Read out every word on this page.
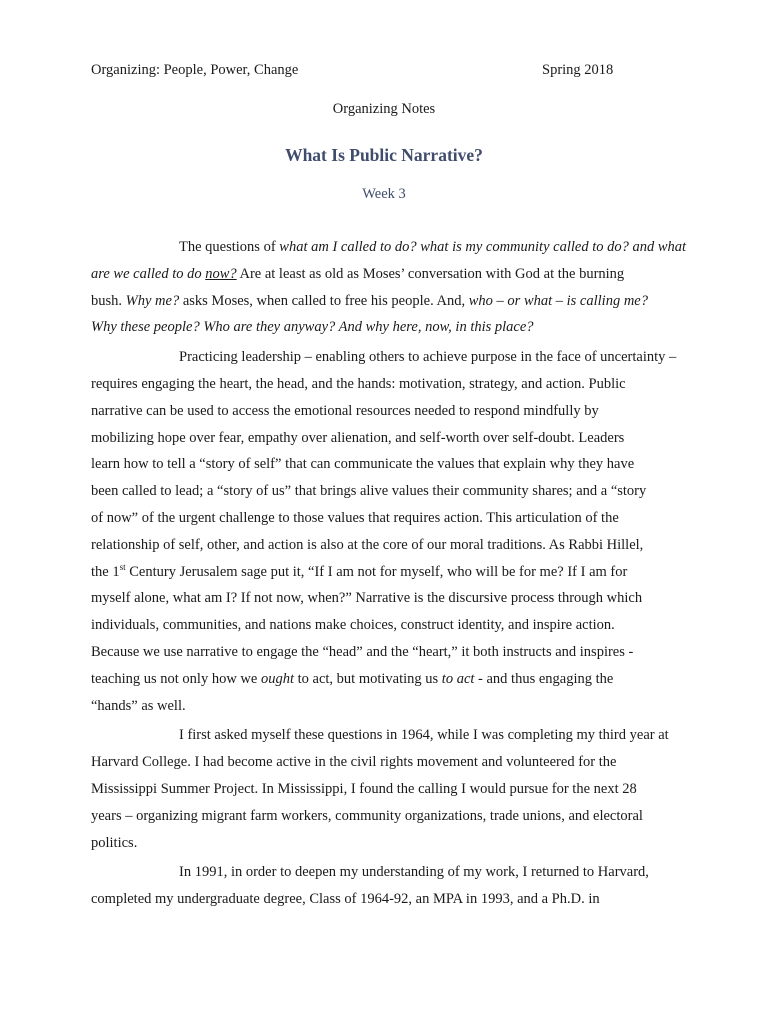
Organizing: People, Power, Change	Spring 2018
Organizing Notes
What Is Public Narrative?
Week 3
The questions of what am I called to do? what is my community called to do? and what
are we called to do now? Are at least as old as Moses’ conversation with God at the burning
bush. Why me? asks Moses, when called to free his people. And, who – or what – is calling me?
Why these people? Who are they anyway? And why here, now, in this place?
Practicing leadership – enabling others to achieve purpose in the face of uncertainty –
requires engaging the heart, the head, and the hands: motivation, strategy, and action. Public
narrative can be used to access the emotional resources needed to respond mindfully by
mobilizing hope over fear, empathy over alienation, and self-worth over self-doubt. Leaders
learn how to tell a “story of self” that can communicate the values that explain why they have
been called to lead; a “story of us” that brings alive values their community shares; and a “story
of now” of the urgent challenge to those values that requires action. This articulation of the
relationship of self, other, and action is also at the core of our moral traditions. As Rabbi Hillel,
the 1st Century Jerusalem sage put it, “If I am not for myself, who will be for me? If I am for
myself alone, what am I? If not now, when?” Narrative is the discursive process through which
individuals, communities, and nations make choices, construct identity, and inspire action.
Because we use narrative to engage the “head” and the “heart,” it both instructs and inspires -
teaching us not only how we ought to act, but motivating us to act - and thus engaging the
“hands” as well.
I first asked myself these questions in 1964, while I was completing my third year at
Harvard College. I had become active in the civil rights movement and volunteered for the
Mississippi Summer Project. In Mississippi, I found the calling I would pursue for the next 28
years – organizing migrant farm workers, community organizations, trade unions, and electoral
politics.
In 1991, in order to deepen my understanding of my work, I returned to Harvard,
completed my undergraduate degree, Class of 1964-92, an MPA in 1993, and a Ph.D. in
